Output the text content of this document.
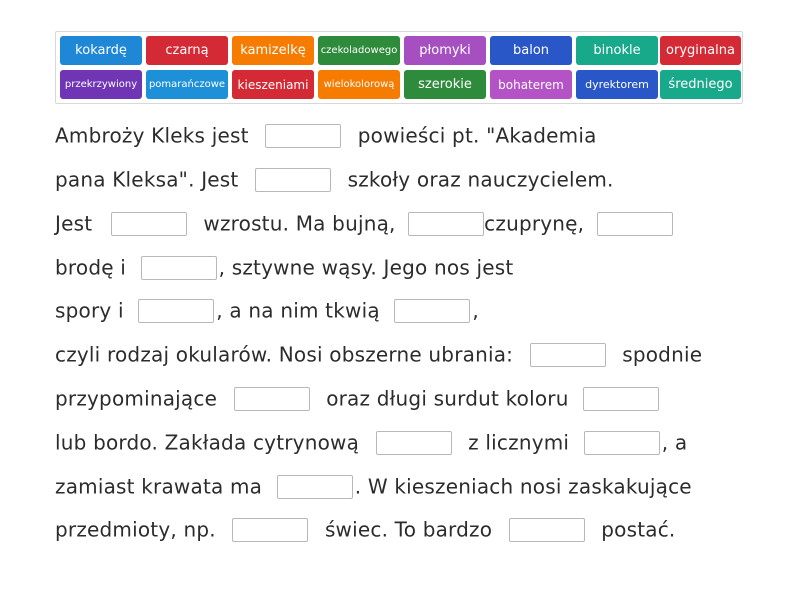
kokardę	czarną	kamizelkę	czekoladowego	płomyki	balon	binokle	oryginalna
przekrzywiony	pomarańczowe	kieszeniami	wielokolorową	szerokie	bohaterem	dyrektorem	średniego
Ambroży Kleks jest	powieści pt. "Akademia
pana Kleksa". Jest	szkoły oraz nauczycielem.
Jest	wzrostu. Ma bujną,	czuprynę,
brodę i	, sztywne wąsy. Jego nos jest
spory i	, a na nim tkwią	,
czyli rodzaj okularów. Nosi obszerne ubrania:	spodnie
przypominające	oraz długi surdut koloru
lub bordo. Zakłada cytrynową	z licznymi	, a
zamiast krawata ma	. W kieszeniach nosi zaskakujące
przedmioty, np.	świec. To bardzo	postać.
